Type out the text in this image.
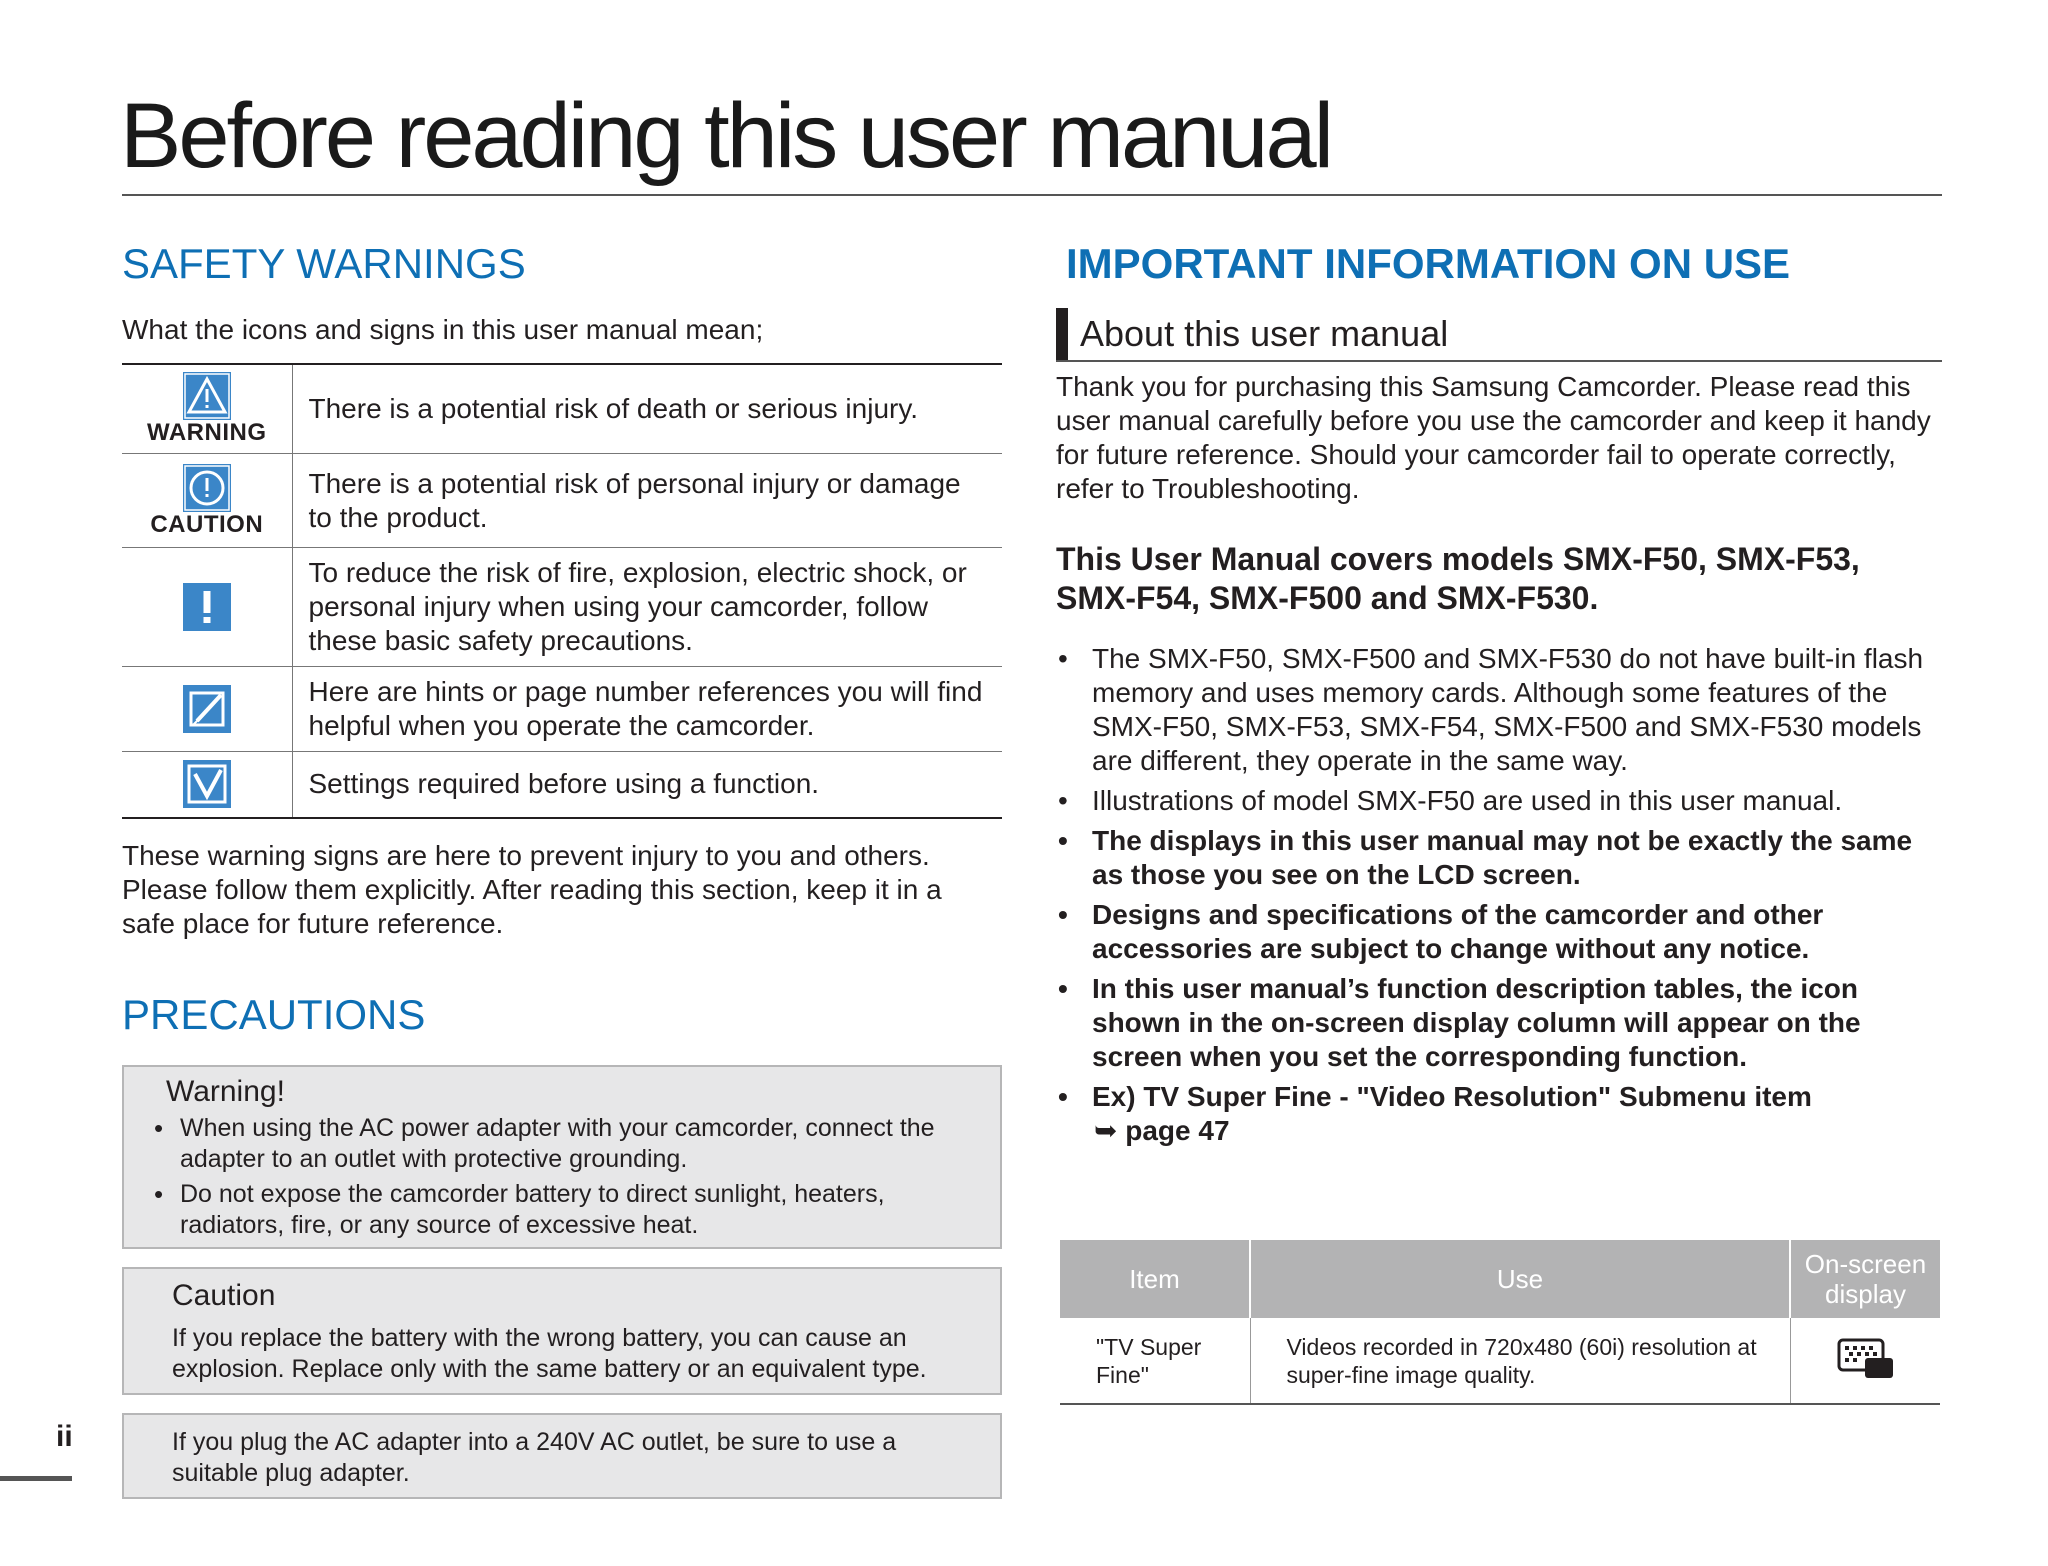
Before reading this user manual
SAFETY WARNINGS

What the icons and signs in this user manual mean;

WARNING	There is a potential risk of death or serious injury.

CAUTION	There is a potential risk of personal injury or damage to the product.
	To reduce the risk of fire, explosion, electric shock, or personal injury when using your camcorder, follow these basic safety precautions.
	Here are hints or page number references you will find helpful when you operate the camcorder.
	Settings required before using a function.

These warning signs are here to prevent injury to you and others. Please follow them explicitly. After reading this section, keep it in a safe place for future reference.

PRECAUTIONS
Warning!
• When using the AC power adapter with your camcorder, connect the adapter to an outlet with protective grounding.
• Do not expose the camcorder battery to direct sunlight, heaters, radiators, fire, or any source of excessive heat.
Caution

If you replace the battery with the wrong battery, you can cause an explosion. Replace only with the same battery or an equivalent type.

If you plug the AC adapter into a 240V AC outlet, be sure to use a suitable plug adapter.

IMPORTANT INFORMATION ON USE
About this user manual

Thank you for purchasing this Samsung Camcorder. Please read this user manual carefully before you use the camcorder and keep it handy for future reference. Should your camcorder fail to operate correctly, refer to Troubleshooting.

This User Manual covers models SMX-F50, SMX-F53, SMX-F54, SMX-F500 and SMX-F530.

• The SMX-F50, SMX-F500 and SMX-F530 do not have built-in flash memory and uses memory cards. Although some features of the SMX-F50, SMX-F53, SMX-F54, SMX-F500 and SMX-F530 models are different, they operate in the same way.
• Illustrations of model SMX-F50 are used in this user manual.
• The displays in this user manual may not be exactly the same as those you see on the LCD screen.
• Designs and specifications of the camcorder and other accessories are subject to change without any notice.
• In this user manual’s function description tables, the icon shown in the on-screen display column will appear on the screen when you set the corresponding function.
• Ex) TV Super Fine - "Video Resolution" Submenu item
➥ page 47
Item	Use	On-screen display
"TV Super Fine"	Videos recorded in 720x480 (60i) resolution at super-fine image quality.	
ii
